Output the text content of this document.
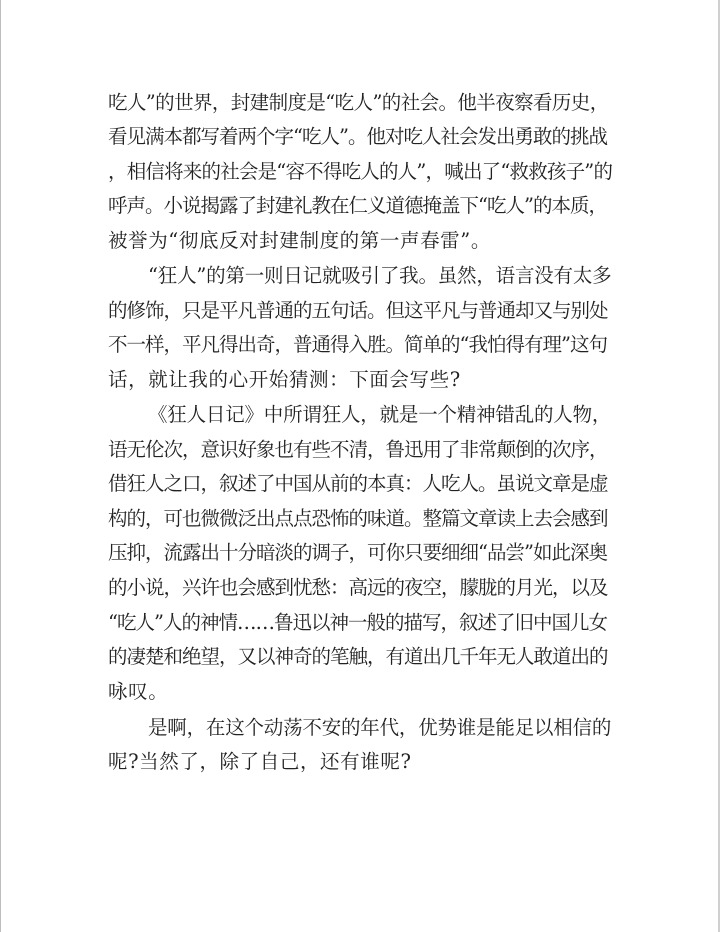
吃人”的世界，封建制度是“吃人”的社会。他半夜察看历史，
看见满本都写着两个字“吃人”。他对吃人社会发出勇敢的挑战
，相信将来的社会是“容不得吃人的人”，喊出了“救救孩子”的
呼声。小说揭露了封建礼教在仁义道德掩盖下“吃人”的本质，
被誉为“彻底反对封建制度的第一声春雷”。
“狂人”的第一则日记就吸引了我。虽然，语言没有太多
的修饰，只是平凡普通的五句话。但这平凡与普通却又与别处
不一样，平凡得出奇，普通得入胜。简单的“我怕得有理”这句
话，就让我的心开始猜测：下面会写些?
《狂人日记》中所谓狂人，就是一个精神错乱的人物，
语无伦次，意识好象也有些不清，鲁迅用了非常颠倒的次序，
借狂人之口，叙述了中国从前的本真：人吃人。虽说文章是虚
构的，可也微微泛出点点恐怖的味道。整篇文章读上去会感到
压抑，流露出十分暗淡的调子，可你只要细细“品尝”如此深奥
的小说，兴许也会感到忧愁：高远的夜空，朦胧的月光，以及
“吃人”人的神情……鲁迅以神一般的描写，叙述了旧中国儿女
的凄楚和绝望，又以神奇的笔触，有道出几千年无人敢道出的
咏叹。
是啊，在这个动荡不安的年代，优势谁是能足以相信的
呢?当然了，除了自己，还有谁呢?
